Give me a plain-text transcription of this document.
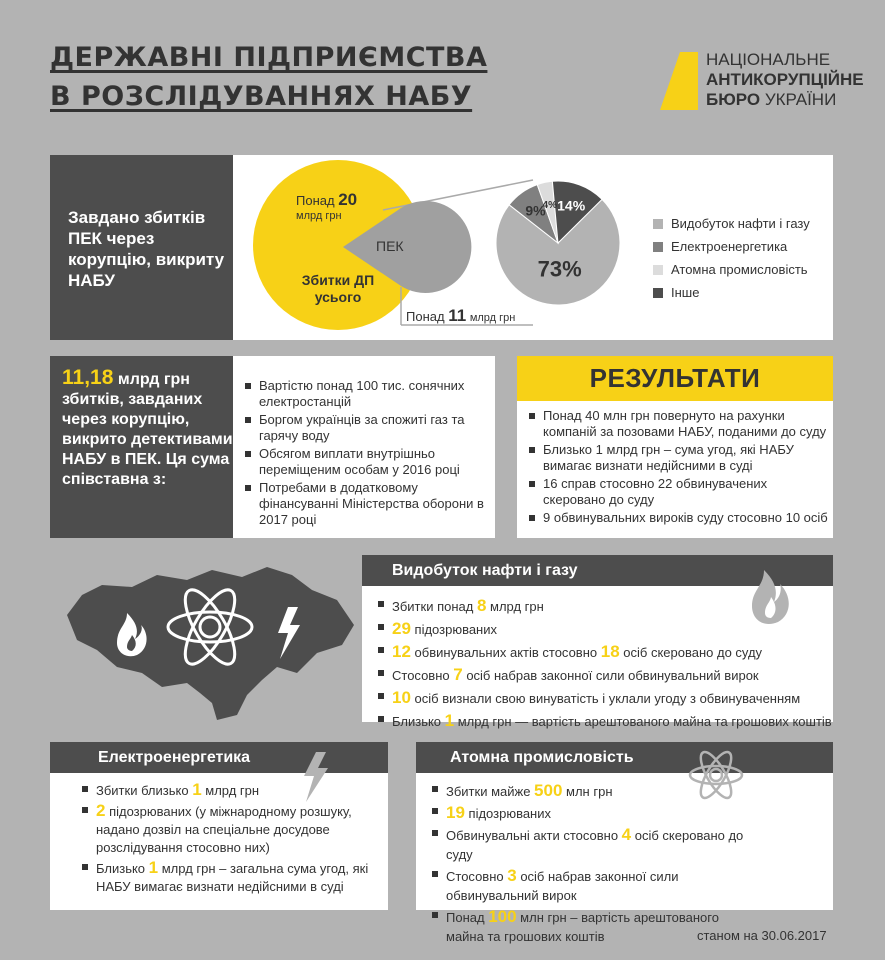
ДЕРЖАВНІ ПІДПРИЄМСТВА
В РОЗСЛІДУВАННЯХ НАБУ
НАЦІОНАЛЬНЕ
АНТИКОРУПЦІЙНЕ
БЮРО УКРАЇНИ
Завдано збитків ПЕК через корупцію, викриту НАБУ
ПЕК
Понад 20
млрд грн
Збитки ДП усього
Понад 11 млрд грн
73%
9%
4% 14%
Видобуток нафти і газу
Електроенергетика
Атомна промисловість
Інше
11,18 млрд грн збитків, завданих через корупцію, викрито детективами НАБУ в ПЕК. Ця сума співставна з:
Вартістю понад 100 тис. сонячних електростанцій
Боргом українців за спожиті газ та гарячу воду
Обсягом виплати внутрішньо переміщеним особам у 2016 році
Потребами в додатковому фінансуванні Міністерства оборони в 2017 році
РЕЗУЛЬТАТИ
Понад 40 млн грн повернуто на рахунки компаній за позовами НАБУ, поданими до суду
Близько 1 млрд грн – сума угод, які НАБУ вимагає визнати недійсними в суді
16 справ стосовно 22 обвинувачених скеровано до суду
9 обвинувальних вироків суду стосовно 10 осіб
Видобуток нафти і газу
Збитки понад 8 млрд грн
29 підозрюваних
12 обвинувальних актів стосовно 18 осіб скеровано до суду
Стосовно 7 осіб набрав законної сили обвинувальний вирок
10 осіб визнали свою винуватість і уклали угоду з обвинуваченням
Близько 1 млрд грн — вартість арештованого майна та грошових коштів
Електроенергетика
Збитки близько 1 млрд грн
2 підозрюваних (у міжнародному розшуку, надано дозвіл на спеціальне досудове розслідування стосовно них)
Близько 1 млрд грн – загальна сума угод, які НАБУ вимагає визнати недійсними в суді
Атомна промисловість
Збитки майже 500 млн грн
19 підозрюваних
Обвинувальні акти стосовно 4 осіб скеровано до суду
Стосовно 3 осіб набрав законної сили обвинувальний вирок
Понад 100 млн грн – вартість арештованого майна та грошових коштів	станом на 30.06.2017
